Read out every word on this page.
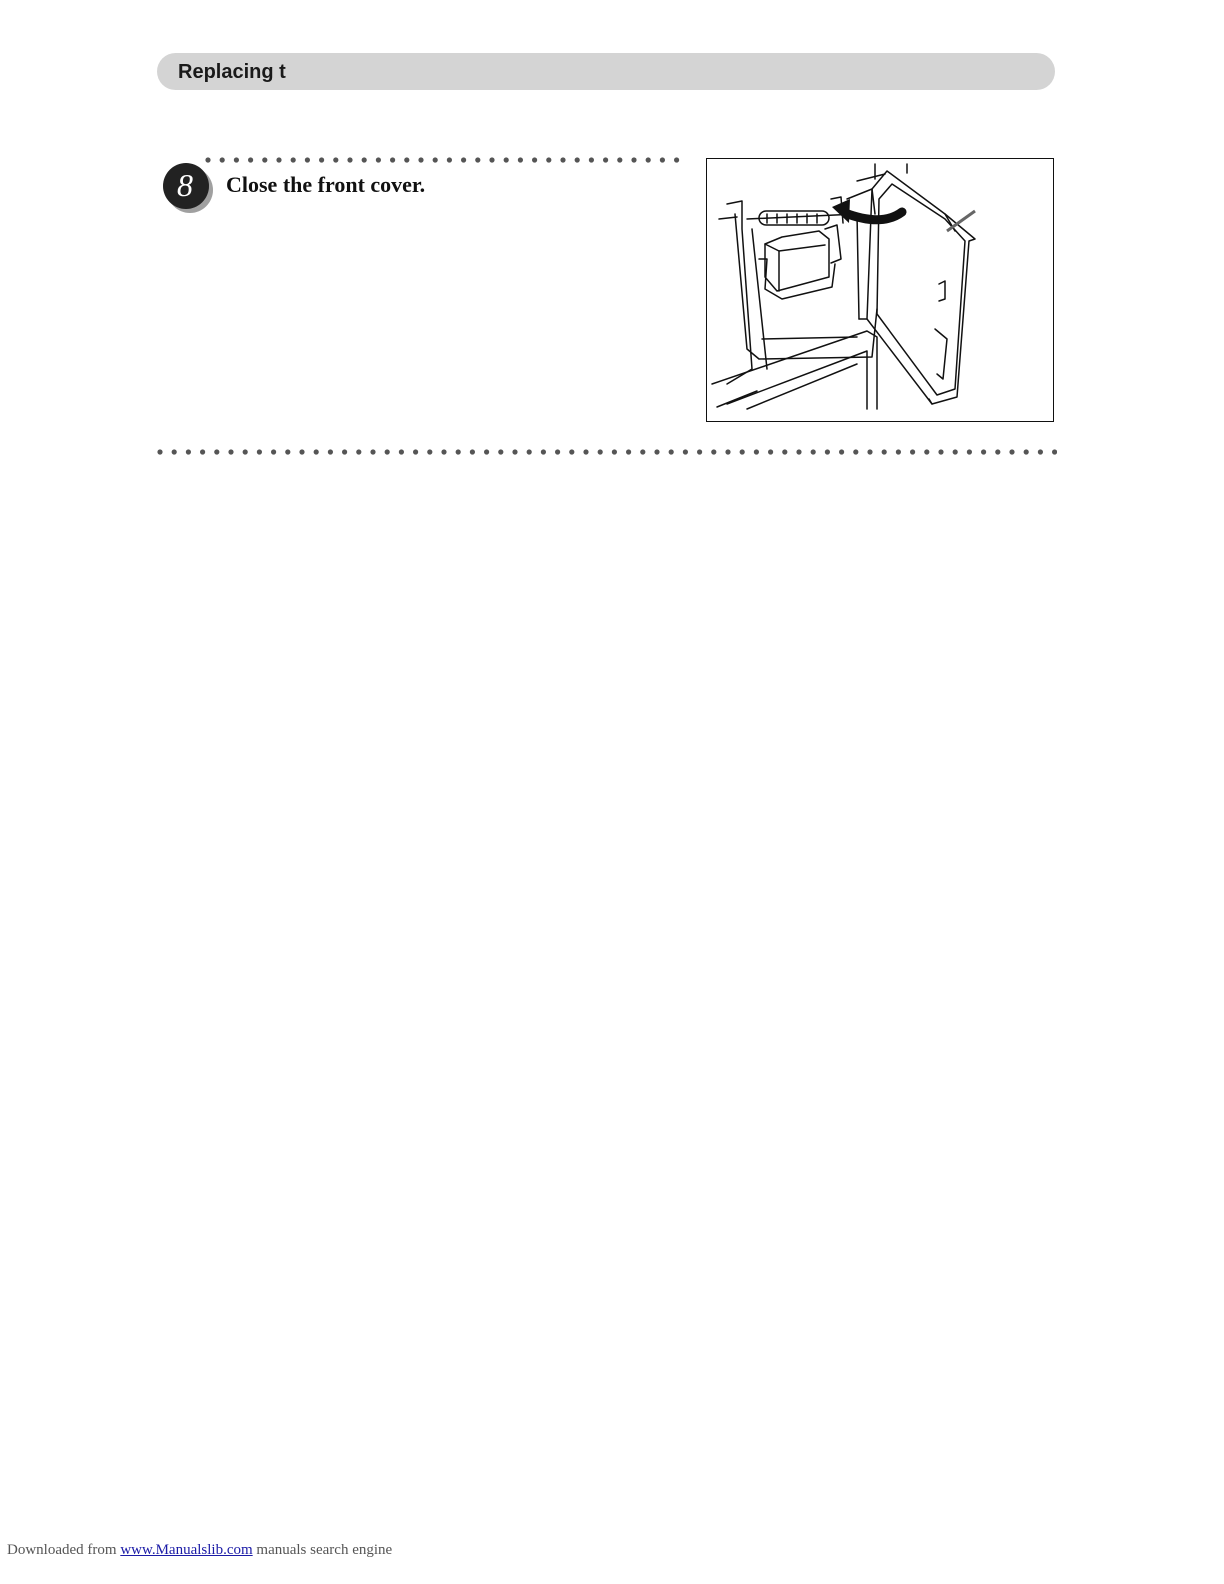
Replacing t
8 Close the front cover.
Downloaded from www.Manualslib.com manuals search engine
